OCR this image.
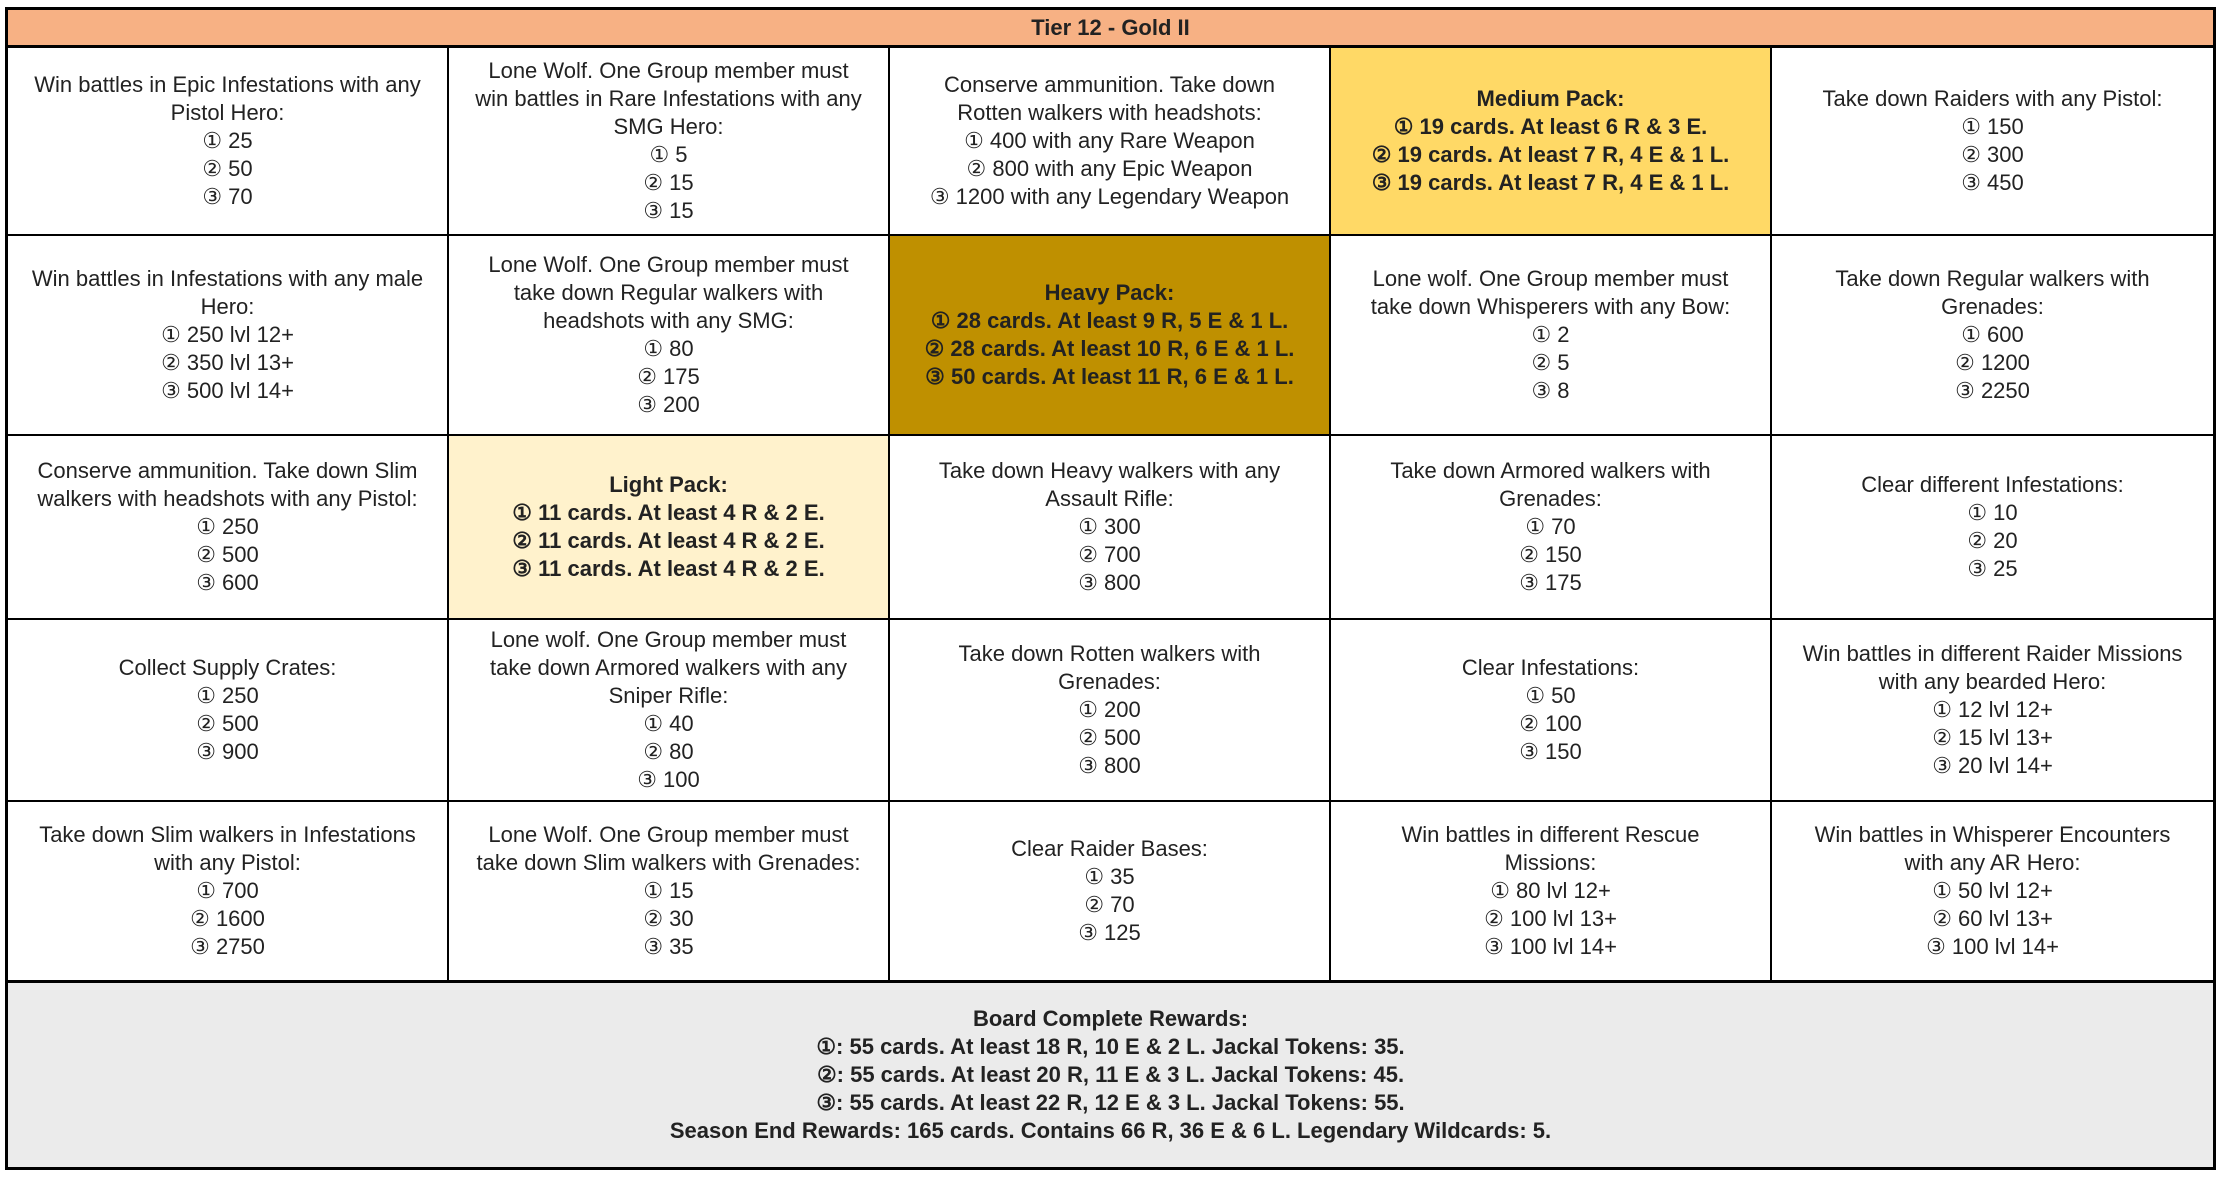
Tier 12 - Gold II
Win battles in Epic Infestations with any
Pistol Hero:
① 25
② 50
③ 70
Lone Wolf. One Group member must
win battles in Rare Infestations with any
SMG Hero:
① 5
② 15
③ 15
Conserve ammunition. Take down
Rotten walkers with headshots:
① 400 with any Rare Weapon
② 800 with any Epic Weapon
③ 1200 with any Legendary Weapon
Medium Pack:
① 19 cards. At least 6 R & 3 E.
② 19 cards. At least 7 R, 4 E & 1 L.
③ 19 cards. At least 7 R, 4 E & 1 L.
Take down Raiders with any Pistol:
① 150
② 300
③ 450
Win battles in Infestations with any male
Hero:
① 250 lvl 12+
② 350 lvl 13+
③ 500 lvl 14+
Lone Wolf. One Group member must
take down Regular walkers with
headshots with any SMG:
① 80
② 175
③ 200
Heavy Pack:
① 28 cards. At least 9 R, 5 E & 1 L.
② 28 cards. At least 10 R, 6 E & 1 L.
③ 50 cards. At least 11 R, 6 E & 1 L.
Lone wolf. One Group member must
take down Whisperers with any Bow:
① 2
② 5
③ 8
Take down Regular walkers with
Grenades:
① 600
② 1200
③ 2250
Conserve ammunition. Take down Slim
walkers with headshots with any Pistol:
① 250
② 500
③ 600
Light Pack:
① 11 cards. At least 4 R & 2 E.
② 11 cards. At least 4 R & 2 E.
③ 11 cards. At least 4 R & 2 E.
Take down Heavy walkers with any
Assault Rifle:
① 300
② 700
③ 800
Take down Armored walkers with
Grenades:
① 70
② 150
③ 175
Clear different Infestations:
① 10
② 20
③ 25
Collect Supply Crates:
① 250
② 500
③ 900
Lone wolf. One Group member must
take down Armored walkers with any
Sniper Rifle:
① 40
② 80
③ 100
Take down Rotten walkers with
Grenades:
① 200
② 500
③ 800
Clear Infestations:
① 50
② 100
③ 150
Win battles in different Raider Missions
with any bearded Hero:
① 12 lvl 12+
② 15 lvl 13+
③ 20 lvl 14+
Take down Slim walkers in Infestations
with any Pistol:
① 700
② 1600
③ 2750
Lone Wolf. One Group member must
take down Slim walkers with Grenades:
① 15
② 30
③ 35
Clear Raider Bases:
① 35
② 70
③ 125
Win battles in different Rescue
Missions:
① 80 lvl 12+
② 100 lvl 13+
③ 100 lvl 14+
Win battles in Whisperer Encounters
with any AR Hero:
① 50 lvl 12+
② 60 lvl 13+
③ 100 lvl 14+
Board Complete Rewards:
①: 55 cards. At least 18 R, 10 E & 2 L. Jackal Tokens: 35.
②: 55 cards. At least 20 R, 11 E & 3 L. Jackal Tokens: 45.
③: 55 cards. At least 22 R, 12 E & 3 L. Jackal Tokens: 55.
Season End Rewards: 165 cards. Contains 66 R, 36 E & 6 L. Legendary Wildcards: 5.
